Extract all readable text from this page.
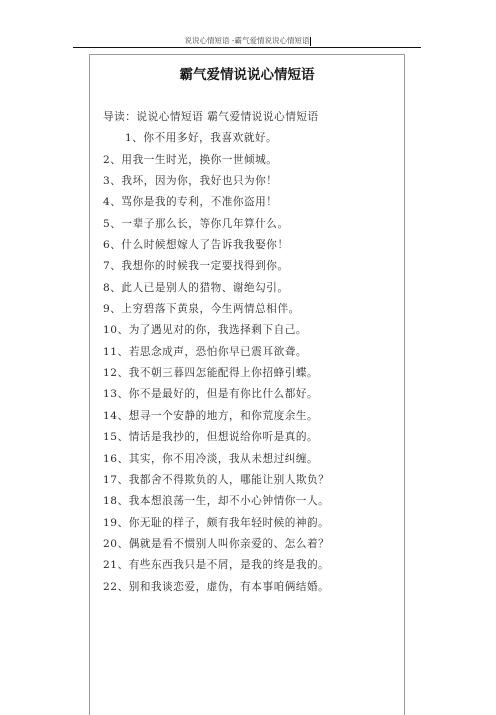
说说心情短语 -霸气爱情说说心情短语
霸气爱情说说心情短语
导读：说说心情短语 霸气爱情说说心情短语
1、你不用多好，我喜欢就好。
2、用我一生时光，换你一世倾城。
3、我坏，因为你，我好也只为你！
4、骂你是我的专利，不准你盗用！
5、一辈子那么长，等你几年算什么。
6、什么时候想嫁人了告诉我我娶你！
7、我想你的时候我一定要找得到你。
8、此人已是别人的猎物、谢绝勾引。
9、上穷碧落下黄泉，今生两情总相伴。
10、为了遇见对的你，我选择剩下自己。
11、若思念成声，恐怕你早已震耳欲聋。
12、我不朝三暮四怎能配得上你招蜂引蝶。
13、你不是最好的，但是有你比什么都好。
14、想寻一个安静的地方，和你荒度余生。
15、情话是我抄的，但想说给你听是真的。
16、其实，你不用冷淡，我从未想过纠缠。
17、我都舍不得欺负的人，哪能让别人欺负？
18、我本想浪荡一生，却不小心钟情你一人。
19、你无耻的样子，颇有我年轻时候的神韵。
20、偶就是看不惯别人叫你亲爱的、怎么着？
21、有些东西我只是不屑，是我的终是我的。
22、别和我谈恋爱，虚伪，有本事咱俩结婚。
